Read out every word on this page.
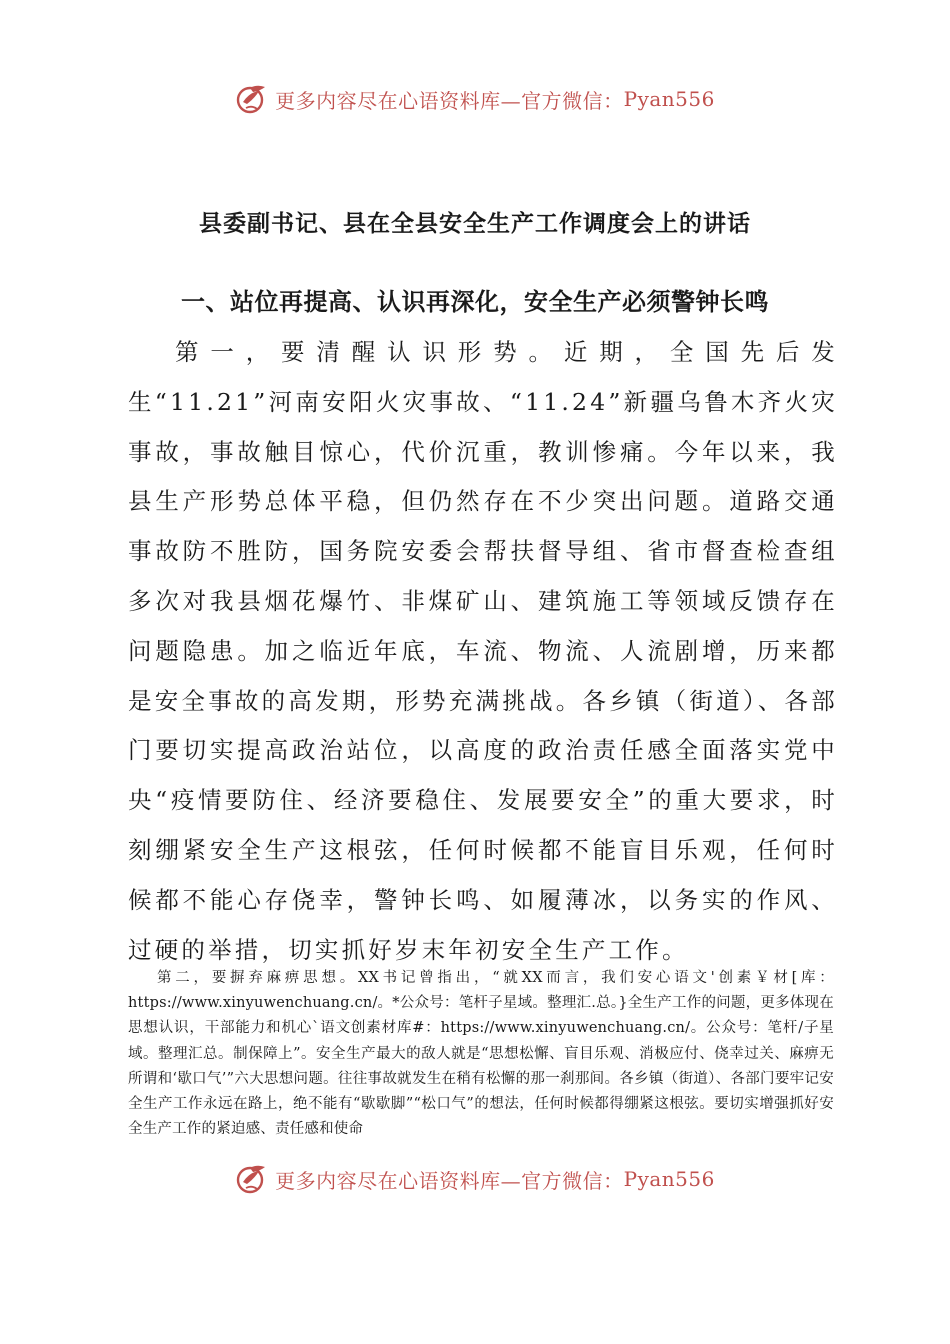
更多内容尽在心语资料库—官方微信： Pyan556
县委副书记、县在全县安全生产工作调度会上的讲话
一、站位再提高、认识再深化，安全生产必须警钟长鸣

第一，要清醒认识形势。近期，全国先后发生“11.21”河南安阳火灾事故、“11.24”新疆乌鲁木齐火灾事故，事故触目惊心，代价沉重，教训惨痛。今年以来，我县生产形势总体平稳，但仍然存在不少突出问题。道路交通事故防不胜防，国务院安委会帮扶督导组、省市督查检查组多次对我县烟花爆竹、非煤矿山、建筑施工等领域反馈存在问题隐患。加之临近年底，车流、物流、人流剧增，历来都是安全事故的高发期，形势充满挑战。各乡镇（街道）、各部门要切实提高政治站位，以高度的政治责任感全面落实党中央“疫情要防住、经济要稳住、发展要安全”的重大要求，时刻绷紧安全生产这根弦，任何时候都不能盲目乐观，任何时候都不能心存侥幸，警钟长鸣、如履薄冰，以务实的作风、过硬的举措，切实抓好岁末年初安全生产工作。

第二，要摒弃麻痹思想。XX书记曾指出，“就XX而言，我们安心语文'创素￥材[库：https://www.xinyuwenchuang.cn/。*公众号：笔杆子星域。整理汇.总。}全生产工作的问题，更多体现在思想认识，干部能力和机心`语文创素材库#：https://www.xinyuwenchuang.cn/。公众号：笔杆/子星域。整理汇总。制保障上”。安全生产最大的敌人就是“思想松懈、盲目乐观、消极应付、侥幸过关、麻痹无所谓和‘歇口气’”六大思想问题。往往事故就发生在稍有松懈的那一刹那间。各乡镇（街道）、各部门要牢记安全生产工作永远在路上，绝不能有“歇歇脚”“松口气”的想法，任何时候都得绷紧这根弦。要切实增强抓好安全生产工作的紧迫感、责任感和使命

更多内容尽在心语资料库—官方微信： Pyan556
